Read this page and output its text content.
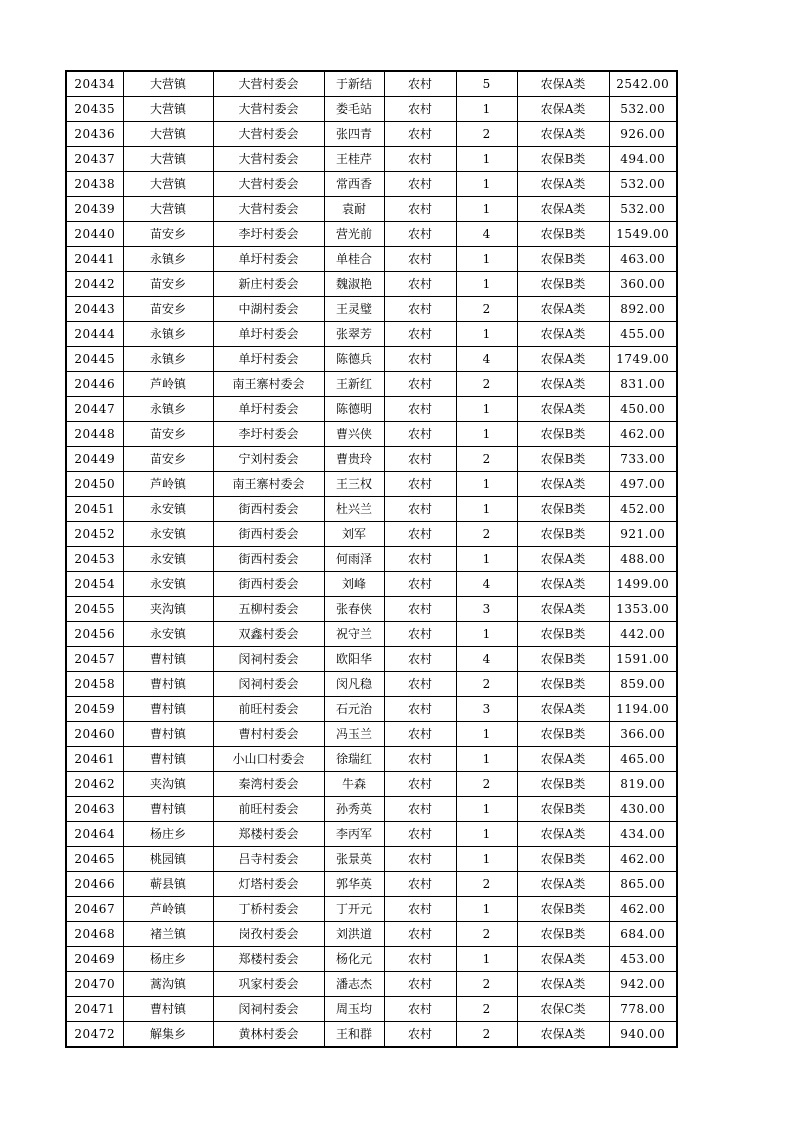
20434	大营镇	大营村委会	于新结	农村	5	农保A类	2542.00
20435	大营镇	大营村委会	娄毛站	农村	1	农保A类	532.00
20436	大营镇	大营村委会	张四青	农村	2	农保A类	926.00
20437	大营镇	大营村委会	王桂芹	农村	1	农保B类	494.00
20438	大营镇	大营村委会	常西香	农村	1	农保A类	532.00
20439	大营镇	大营村委会	袁耐	农村	1	农保A类	532.00
20440	苗安乡	李圩村委会	营光前	农村	4	农保B类	1549.00
20441	永镇乡	单圩村委会	单桂合	农村	1	农保B类	463.00
20442	苗安乡	新庄村委会	魏淑艳	农村	1	农保B类	360.00
20443	苗安乡	中湖村委会	王灵璧	农村	2	农保A类	892.00
20444	永镇乡	单圩村委会	张翠芳	农村	1	农保A类	455.00
20445	永镇乡	单圩村委会	陈德兵	农村	4	农保A类	1749.00
20446	芦岭镇	南王寨村委会	王新红	农村	2	农保A类	831.00
20447	永镇乡	单圩村委会	陈德明	农村	1	农保A类	450.00
20448	苗安乡	李圩村委会	曹兴侠	农村	1	农保B类	462.00
20449	苗安乡	宁刘村委会	曹贵玲	农村	2	农保B类	733.00
20450	芦岭镇	南王寨村委会	王三权	农村	1	农保A类	497.00
20451	永安镇	街西村委会	杜兴兰	农村	1	农保B类	452.00
20452	永安镇	街西村委会	刘军	农村	2	农保B类	921.00
20453	永安镇	街西村委会	何雨泽	农村	1	农保A类	488.00
20454	永安镇	街西村委会	刘峰	农村	4	农保A类	1499.00
20455	夹沟镇	五柳村委会	张春侠	农村	3	农保A类	1353.00
20456	永安镇	双鑫村委会	祝守兰	农村	1	农保B类	442.00
20457	曹村镇	闵祠村委会	欧阳华	农村	4	农保B类	1591.00
20458	曹村镇	闵祠村委会	闵凡稳	农村	2	农保B类	859.00
20459	曹村镇	前旺村委会	石元治	农村	3	农保A类	1194.00
20460	曹村镇	曹村村委会	冯玉兰	农村	1	农保B类	366.00
20461	曹村镇	小山口村委会	徐瑞红	农村	1	农保A类	465.00
20462	夹沟镇	秦湾村委会	牛森	农村	2	农保B类	819.00
20463	曹村镇	前旺村委会	孙秀英	农村	1	农保B类	430.00
20464	杨庄乡	郑楼村委会	李丙军	农村	1	农保A类	434.00
20465	桃园镇	吕寺村委会	张景英	农村	1	农保B类	462.00
20466	蕲县镇	灯塔村委会	郭华英	农村	2	农保A类	865.00
20467	芦岭镇	丁桥村委会	丁开元	农村	1	农保B类	462.00
20468	褚兰镇	岗孜村委会	刘洪道	农村	2	农保B类	684.00
20469	杨庄乡	郑楼村委会	杨化元	农村	1	农保A类	453.00
20470	蒿沟镇	巩家村委会	潘志杰	农村	2	农保A类	942.00
20471	曹村镇	闵祠村委会	周玉均	农村	2	农保C类	778.00
20472	解集乡	黄林村委会	王和群	农村	2	农保A类	940.00
